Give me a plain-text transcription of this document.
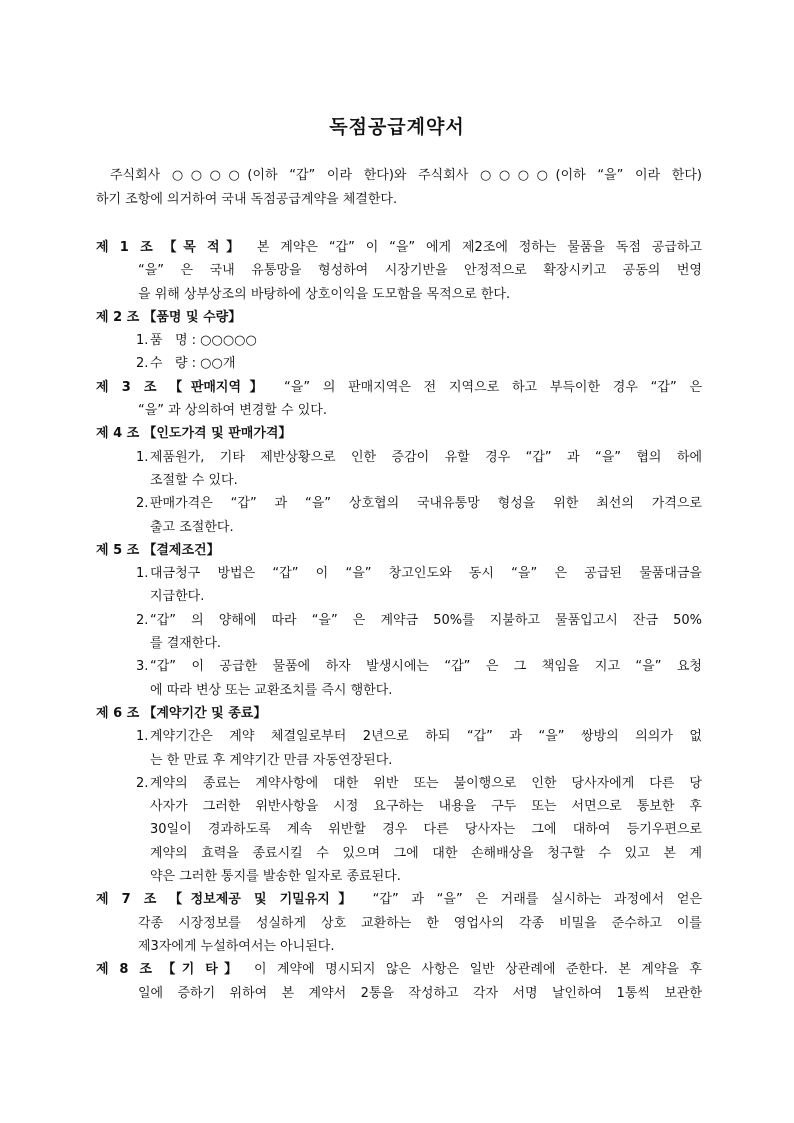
독점공급계약서
주식회사 ○○○○(이하 “갑” 이라 한다)와 주식회사 ○○○○(이하 “을” 이라 한다)
하기 조항에 의거하여 국내 독점공급계약을 체결한다.
제 1 조 【목 적】 본 계약은 “갑” 이 “을” 에게 제2조에 정하는 물품을 독점 공급하고
“을” 은 국내 유통망을 형성하여 시장기반을 안정적으로 확장시키고 공동의 번영
을 위해 상부상조의 바탕하에 상호이익을 도모함을 목적으로 한다.
제 2 조 【품명 및 수량】
1. 품   명 : ○○○○○
2. 수   량 : ○○개
제 3 조 【판매지역】 “을” 의 판매지역은 전 지역으로 하고 부득이한 경우 “갑” 은
“을” 과 상의하여 변경할 수 있다.
제 4 조 【인도가격 및 판매가격】
1. 제품원가, 기타 제반상황으로 인한 증감이 유할 경우 “갑” 과 “을” 협의 하에
조절할 수 있다.
2. 판매가격은 “갑” 과 “을” 상호협의 국내유통망 형성을 위한 최선의 가격으로
출고 조절한다.
제 5 조 【결제조건】
1. 대금청구 방법은 “갑” 이 “을” 창고인도와 동시 “을” 은 공급된 물품대금을
지급한다.
2. “갑” 의 양해에 따라 “을” 은 계약금 50%를 지불하고 물품입고시 잔금 50%
를 결재한다.
3. “갑” 이 공급한 물품에 하자 발생시에는 “갑” 은 그 책임을 지고 “을” 요청
에 따라 변상 또는 교환조치를 즉시 행한다.
제 6 조 【계약기간 및 종료】
1. 계약기간은 계약 체결일로부터 2년으로 하되 “갑” 과 “을” 쌍방의 의의가 없
는 한 만료 후 계약기간 만큼 자동연장된다.
2. 계약의 종료는 계약사항에 대한 위반 또는 불이행으로 인한 당사자에게 다른 당
사자가 그러한 위반사항을 시정 요구하는 내용을 구두 또는 서면으로 통보한 후
30일이 경과하도록 계속 위반할 경우 다른 당사자는 그에 대하여 등기우편으로
계약의 효력을 종료시킬 수 있으며 그에 대한 손해배상을 청구할 수 있고 본 계
약은 그러한 통지를 발송한 일자로 종료된다.
제 7 조 【정보제공 및 기밀유지】 “갑” 과 “을” 은 거래를 실시하는 과정에서 얻은
각종 시장정보를 성실하게 상호 교환하는 한 영업사의 각종 비밀을 준수하고 이를
제3자에게 누설하여서는 아니된다.
제 8 조 【기 타】 이 계약에 명시되지 않은 사항은 일반 상관례에 준한다. 본 계약을 후
일에 증하기 위하여 본 계약서 2통을 작성하고 각자 서명 날인하여 1통씩 보관한
